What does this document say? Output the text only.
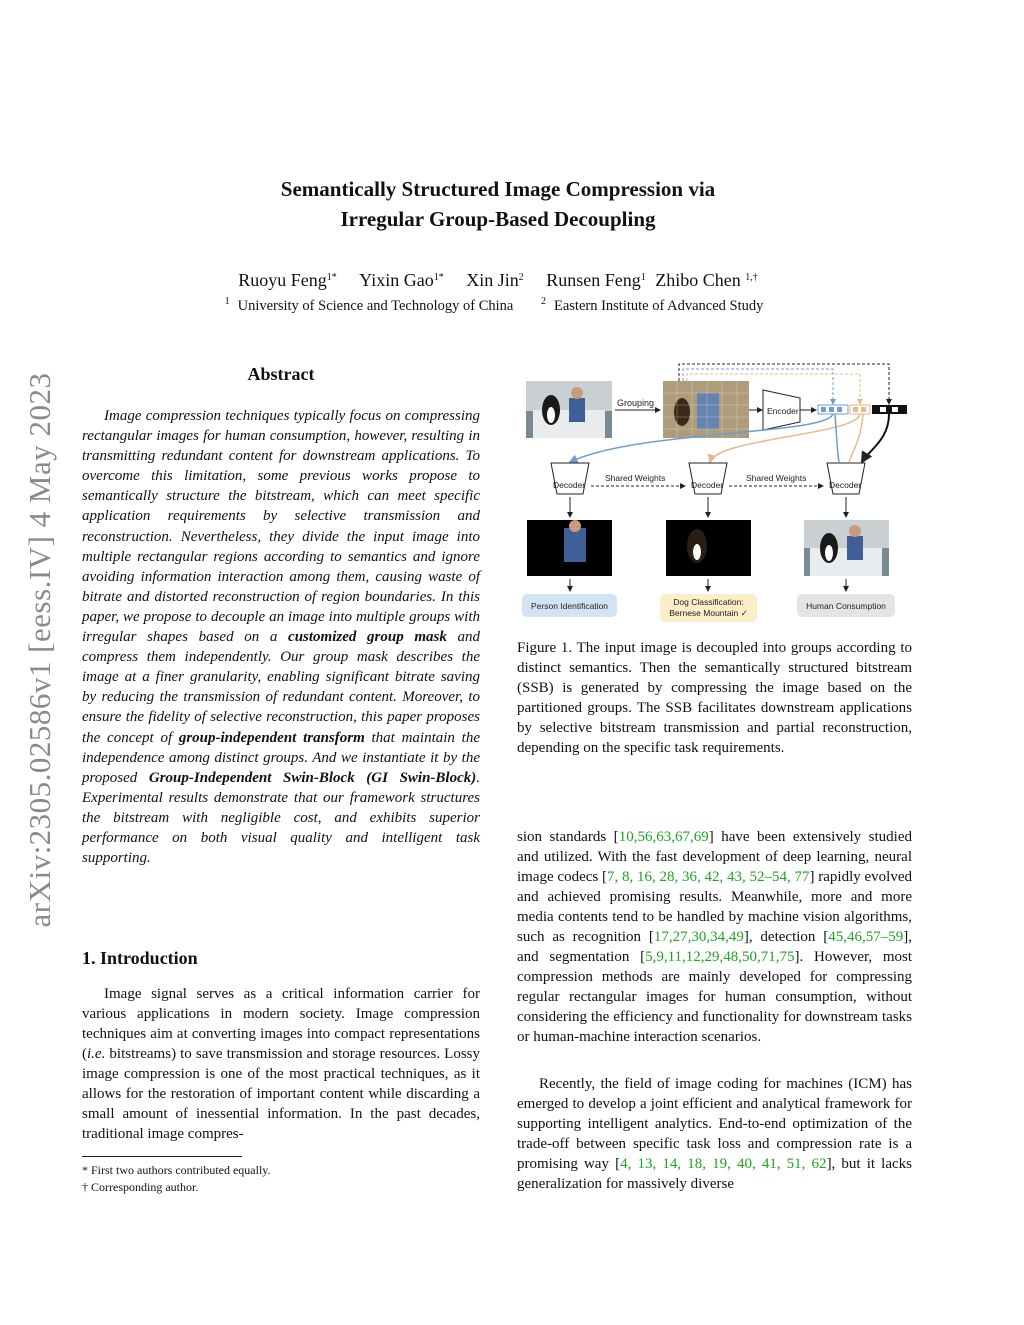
arXiv:2305.02586v1 [eess.IV] 4 May 2023
Semantically Structured Image Compression via
Irregular Group-Based Decoupling
Ruoyu Feng$^{1*}$ Yixin Gao$^{1*}$ Xin Jin$^2$ Runsen Feng$^1$ Zhibo Chen $^{1,\dagger}$
$^1$ University of Science and Technology of China	$^2$ Eastern Institute of Advanced Study
Abstract
Image compression techniques typically focus on compressing rectangular images for human consumption, however, resulting in transmitting redundant content for downstream applications. To overcome this limitation, some previous works propose to semantically structure the bitstream, which can meet specific application requirements by selective transmission and reconstruction. Nevertheless, they divide the input image into multiple rectangular regions according to semantics and ignore avoiding information interaction among them, causing waste of bitrate and distorted reconstruction of region boundaries. In this paper, we propose to decouple an image into multiple groups with irregular shapes based on a customized group mask and compress them independently. Our group mask describes the image at a finer granularity, enabling significant bitrate saving by reducing the transmission of redundant content. Moreover, to ensure the fidelity of selective reconstruction, this paper proposes the concept of group-independent transform that maintain the independence among distinct groups. And we instantiate it by the proposed Group-Independent Swin-Block (GI Swin-Block). Experimental results demonstrate that our framework structures the bitstream with negligible cost, and exhibits superior performance on both visual quality and intelligent task supporting.
1. Introduction
Image signal serves as a critical information carrier for various applications in modern society. Image compression techniques aim at converting images into compact representations (i.e. bitstreams) to save transmission and storage resources. Lossy image compression is one of the most practical techniques, as it allows for the restoration of important content while discarding a small amount of inessential information. In the past decades, traditional image compres-
* First two authors contributed equally.
† Corresponding author.
Grouping
Encoder
Decoder	Decoder	Decoder
Shared Weights	Shared Weights
Person Identification	Dog Classification:
Bernese Mountain ✓
Human Consumption
Figure 1. The input image is decoupled into groups according to distinct semantics. Then the semantically structured bitstream (SSB) is generated by compressing the image based on the partitioned groups. The SSB facilitates downstream applications by selective bitstream transmission and partial reconstruction, depending on the specific task requirements.
sion standards [10,56,63,67,69] have been extensively studied and utilized. With the fast development of deep learning, neural image codecs [7, 8, 16, 28, 36, 42, 43, 52–54, 77] rapidly evolved and achieved promising results. Meanwhile, more and more media contents tend to be handled by machine vision algorithms, such as recognition [17,27,30,34,49], detection [45,46,57–59], and segmentation [5,9,11,12,29,48,50,71,75]. However, most compression methods are mainly developed for compressing regular rectangular images for human consumption, without considering the efficiency and functionality for downstream tasks or human-machine interaction scenarios.
Recently, the field of image coding for machines (ICM) has emerged to develop a joint efficient and analytical framework for supporting intelligent analytics. End-to-end optimization of the trade-off between specific task loss and compression rate is a promising way [4, 13, 14, 18, 19, 40, 41, 51, 62], but it lacks generalization for massively diverse
